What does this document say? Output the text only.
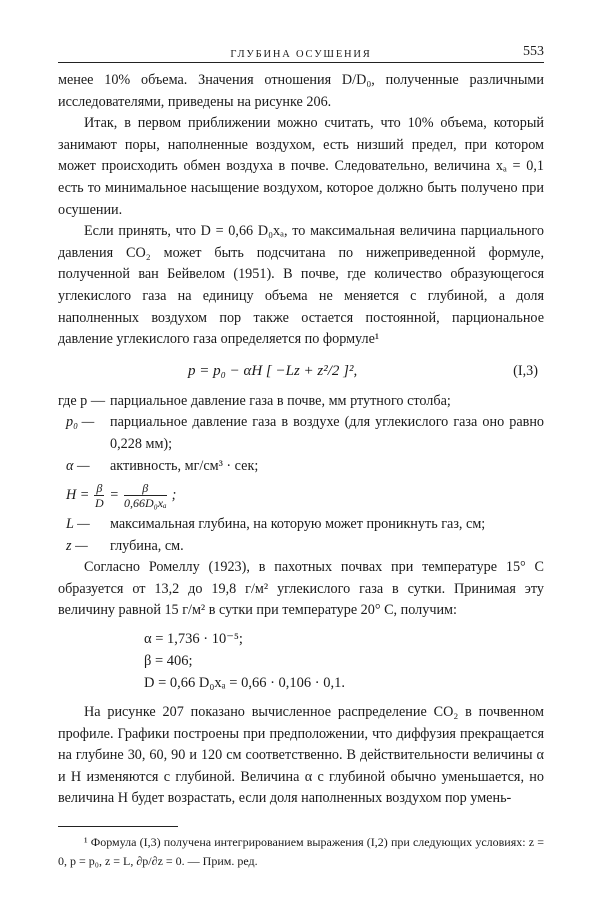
ГЛУБИНА ОСУШЕНИЯ	553

менее 10% объема. Значения отношения D/D₀, полученные различными исследователями, приведены на рисунке 206.

Итак, в первом приближении можно считать, что 10% объема, который занимают поры, наполненные воздухом, есть низший предел, при котором может происходить обмен воздуха в почве. Следовательно, величина xₐ = 0,1 есть то минимальное насыщение воздухом, которое должно быть получено при осушении.

Если принять, что D = 0,66 D₀xₐ, то максимальная величина парциального давления CO₂ может быть подсчитана по нижеприведенной формуле, полученной ван Бейвелом (1951). В почве, где количество образующегося углекислого газа на единицу объема не меняется с глубиной, а доля наполненных воздухом пор также остается постоянной, парциональное давление углекислого газа определяется по формуле¹

p = p₀ − αH [ −Lz + z²/2 ]²,	(I,3)
где p — парциальное давление газа в почве, мм ртутного столба;
p₀ —	парциальное давление газа в воздухе (для углекислого газа оно равно 0,228 мм);
α —	активность, мг/см³ · сек;
$H = \frac{\beta}{D} = \frac{\beta}{\text{0,66D₀xₐ}}$ ;
L —	максимальная глубина, на которую может проникнуть газ, см;
z —	глубина, см.

Согласно Ромеллу (1923), в пахотных почвах при температуре 15° C образуется от 13,2 до 19,8 г/м² углекислого газа в сутки. Принимая эту величину равной 15 г/м² в сутки при температуре 20° C, получим:

α = 1,736 · 10⁻⁵;
β = 406;
D = 0,66 D₀xₐ = 0,66 · 0,106 · 0,1.

На рисунке 207 показано вычисленное распределение CO₂ в почвенном профиле. Графики построены при предположении, что диффузия прекращается на глубине 30, 60, 90 и 120 см соответственно. В действительности величины α и H изменяются с глубиной. Величина α с глубиной обычно уменьшается, но величина H будет возрастать, если доля наполненных воздухом пор умень-

¹ Формула (I,3) получена интегрированием выражения (I,2) при следующих условиях: z = 0, p = p₀, z = L, ∂p/∂z = 0. — Прим. ред.
